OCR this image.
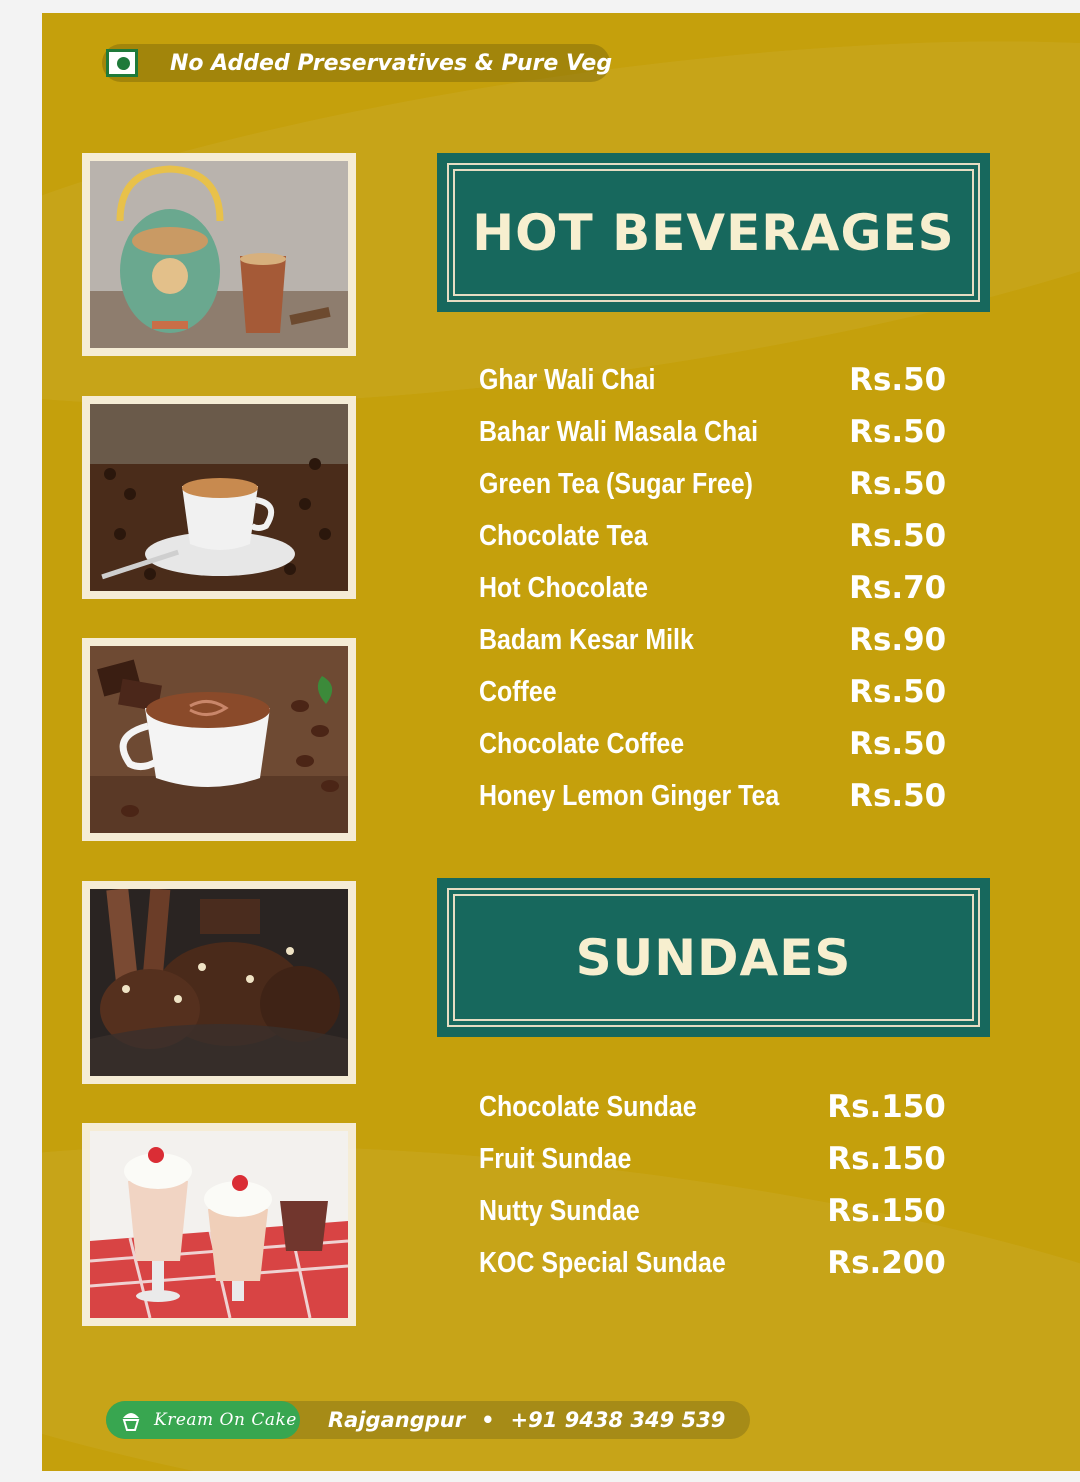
No Added Preservatives & Pure Veg
HOT BEVERAGES
Ghar Wali Chai	Rs.50
Bahar Wali Masala Chai	Rs.50
Green Tea (Sugar Free)	Rs.50
Chocolate Tea	Rs.50
Hot Chocolate	Rs.70
Badam Kesar Milk	Rs.90
Coffee	Rs.50
Chocolate Coffee	Rs.50
Honey Lemon Ginger Tea Rs.50
SUNDAES
Chocolate Sundae	Rs.150
Fruit Sundae	Rs.150
Nutty Sundae	Rs.150
KOC Special Sundae	Rs.200
Kream On Cake Rajgangpur • +91 9438 349 539
